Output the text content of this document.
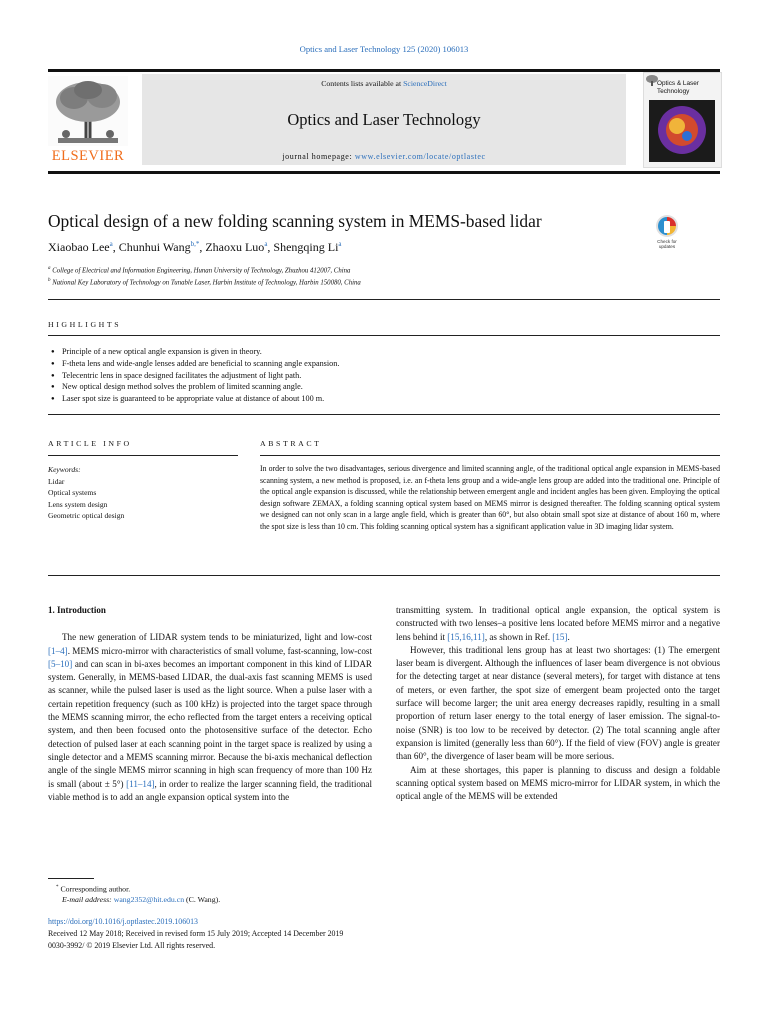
Optics and Laser Technology 125 (2020) 106013
ELSEVIER
Contents lists available at ScienceDirect
Optics and Laser Technology
journal homepage: www.elsevier.com/locate/optlastec
Optics & Laser Technology
Optical design of a new folding scanning system in MEMS-based lidar
Check for
updates
Xiaobao Lee$^a$, Chunhui Wang$^{b,*}$, Zhaoxu Luo$^a$, Shengqing Li$^a$
$^a$ College of Electrical and Information Engineering, Hunan University of Technology, Zhuzhou 412007, China
$^b$ National Key Laboratory of Technology on Tunable Laser, Harbin Institute of Technology, Harbin 150080, China
HIGHLIGHTS
● Principle of a new optical angle expansion is given in theory.
● F-theta lens and wide-angle lenses added are beneficial to scanning angle expansion.
● Telecentric lens in space designed facilitates the adjustment of light path.
● New optical design method solves the problem of limited scanning angle.
● Laser spot size is guaranteed to be appropriate value at distance of about 100 m.
ARTICLE INFO	ABSTRACT
Keywords:
Lidar
Optical systems
Lens system design
Geometric optical design

In order to solve the two disadvantages, serious divergence and limited scanning angle, of the traditional optical angle expansion in MEMS-based scanning system, a new method is proposed, i.e. an f-theta lens group and a wide-angle lens group are added into the traditional one. Principle of the optical angle expansion is discussed, while the relationship between emergent angle and incident angles has been given. Employing the optical design software ZEMAX, a folding scanning optical system based on MEMS mirror is designed thereafter. The folding scanning optical system we designed can not only scan in a large angle field, which is greater than 60°, but also obtain small spot size at distance of about 160 m, where the spot size is less than 10 cm. This folding scanning optical system has a significant application value in 3D imaging lidar system.

1. Introduction

The new generation of LIDAR system tends to be miniaturized, light and low-cost [1–4]. MEMS micro-mirror with characteristics of small volume, fast-scanning, low-cost [5–10] and can scan in bi-axes becomes an important component in this kind of LIDAR system. Generally, in MEMS-based LIDAR, the dual-axis fast scanning MEMS is used as scanner, while the pulsed laser is used as the light source. When a pulse laser with a certain repetition frequency (such as 100 kHz) is projected into the target space through the MEMS scanning mirror, the echo reflected from the target enters a receiving optical system, and then been focused onto the photosensitive surface of the detector. Echo detection of pulsed laser at each scanning point in the target space is realized by using a single detector and a MEMS scanning mirror. Because the bi-axis mechanical deflection angle of the single MEMS mirror scanning in high scan frequency of more than 100 Hz is small (about ± 5°) [11–14], in order to realize the larger scanning field, the traditional viable method is to add an angle expansion optical system into the

transmitting system. In traditional optical angle expansion, the optical system is constructed with two lenses–a positive lens located before MEMS mirror and a negative lens behind it [15,16,11], as shown in Ref. [15].

However, this traditional lens group has at least two shortages: (1) The emergent laser beam is divergent. Although the influences of laser beam divergence is not obvious for the detecting target at near distance (several meters), for target with distance at tens of meters, or even farther, the spot size of emergent beam projected onto the target surface will become larger; the unit area energy decreases rapidly, resulting in a small proportion of return laser energy to the total energy of laser emission. The signal-to-noise (SNR) is too low to be received by detector. (2) The total scanning angle after expansion is limited (generally less than 60°). If the field of view (FOV) angle is greater than 60°, the divergence of laser beam will be more serious.

Aim at these shortages, this paper is planning to discuss and design a foldable scanning optical system based on MEMS micro-mirror for LIDAR system, in which the optical angle of the MEMS will be extended

* Corresponding author.
E-mail address: wang2352@hit.edu.cn (C. Wang).
https://doi.org/10.1016/j.optlastec.2019.106013
Received 12 May 2018; Received in revised form 15 July 2019; Accepted 14 December 2019
0030-3992/ © 2019 Elsevier Ltd. All rights reserved.
